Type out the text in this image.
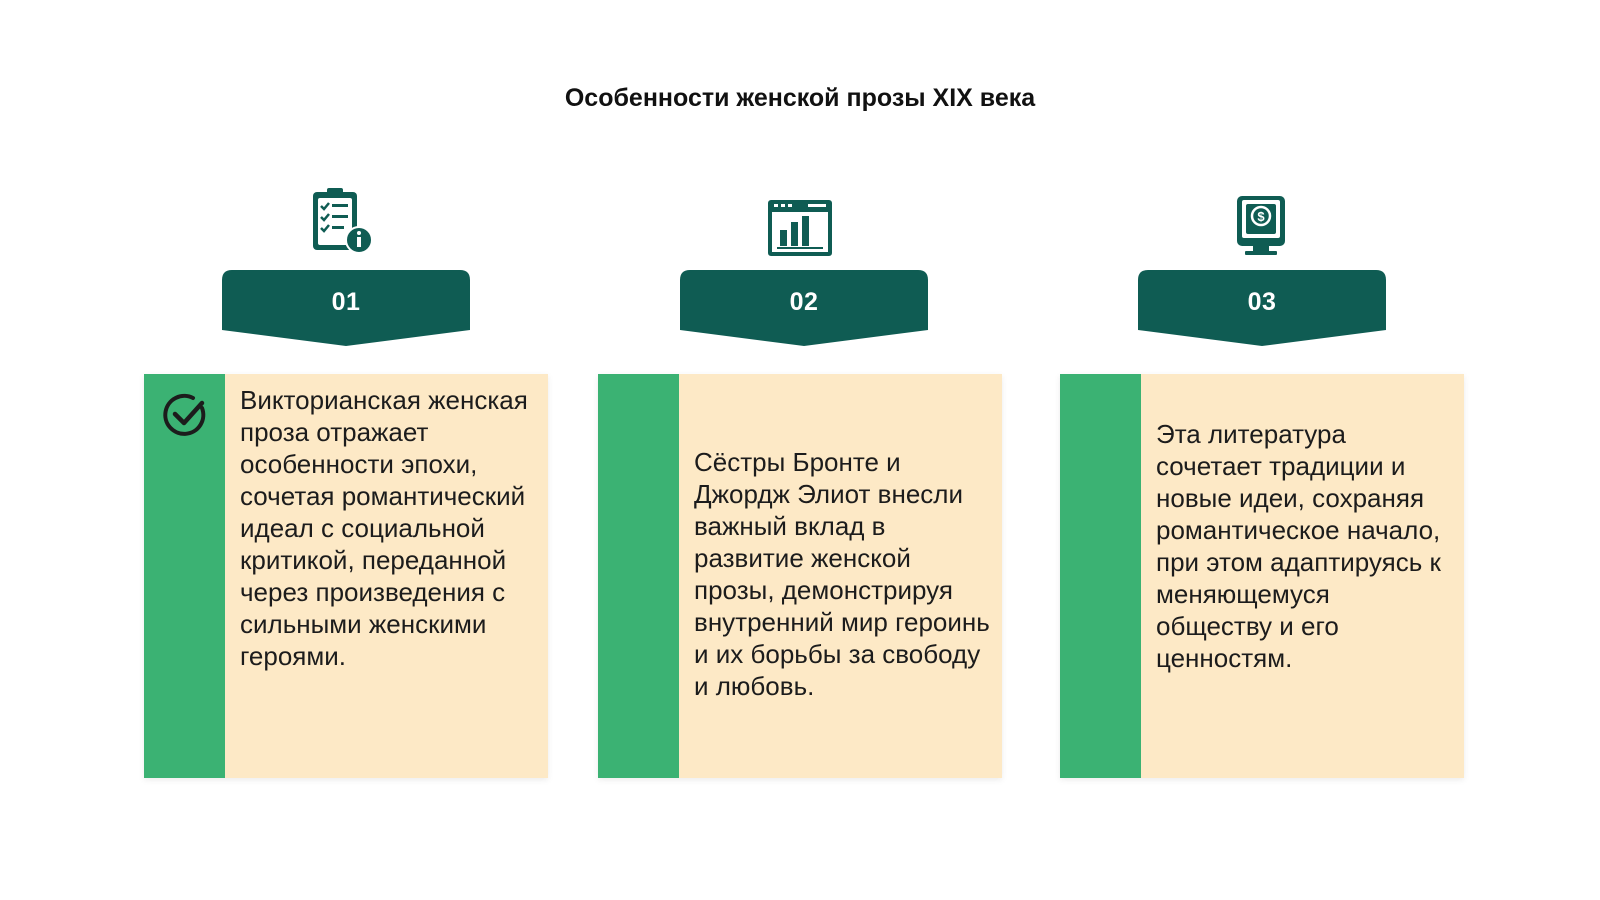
Особенности женской прозы XIX века
01
Викторианская женская проза отражает особенности эпохи, сочетая романтический идеал с социальной критикой, переданной через произведения с сильными женскими героями.
02
Сёстры Бронте и Джордж Элиот внесли важный вклад в развитие женской прозы, демонстрируя внутренний мир героинь и их борьбы за свободу и любовь.
$
03
Эта литература сочетает традиции и новые идеи, сохраняя романтическое начало, при этом адаптируясь к меняющемуся обществу и его ценностям.
